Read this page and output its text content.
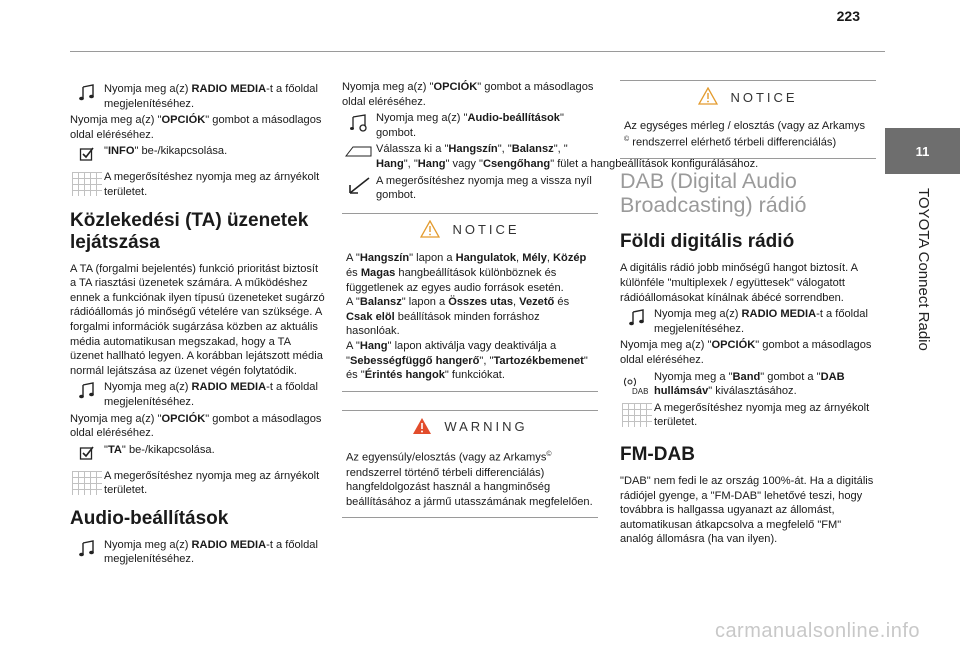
223
11
TOYOTA Connect Radio

Nyomja meg a(z) RADIO MEDIA-t a főoldal megjelenítéséhez.

Nyomja meg a(z) "OPCIÓK" gombot a másodlagos oldal eléréséhez.

"INFO" be-/kikapcsolása.

A megerősítéshez nyomja meg az árnyékolt területet.

Közlekedési (TA) üzenetek lejátszása

A TA (forgalmi bejelentés) funkció prioritást biztosít a TA riasztási üzenetek számára. A működéshez ennek a funkciónak ilyen típusú üzeneteket sugárzó rádióállomás jó minőségű vételére van szüksége. A forgalmi információk sugárzása közben az aktuális média automatikusan megszakad, hogy a TA üzenet hallható legyen. A korábban lejátszott média normál lejátszása az üzenet végén folytatódik.

Nyomja meg a(z) RADIO MEDIA-t a főoldal megjelenítéséhez.

Nyomja meg a(z) "OPCIÓK" gombot a másodlagos oldal eléréséhez.

"TA" be-/kikapcsolása.

A megerősítéshez nyomja meg az árnyékolt területet.

Audio-beállítások

Nyomja meg a(z) RADIO MEDIA-t a főoldal megjelenítéséhez.

Nyomja meg a(z) "OPCIÓK" gombot a másodlagos oldal eléréséhez.

Nyomja meg a(z) "Audio-beállítások" gombot.

Válassza ki a "Hangszín", "Balansz", "
Hang", "Hang" vagy "Csengőhang" fület a hangbeállítások konfigurálásához.

A megerősítéshez nyomja meg a vissza nyíl gombot.

NOTICE

A "Hangszín" lapon a Hangulatok, Mély, Közép és Magas hangbeállítások különböznek és függetlenek az egyes audio források esetén.

A "Balansz" lapon a Összes utas, Vezető és Csak elöl beállítások minden forráshoz hasonlóak.

A "Hang" lapon aktiválja vagy deaktiválja a "Sebességfüggő hangerő", "Tartozékbemenet" és "Érintés hangok" funkciókat.

WARNING

Az egyensúly/elosztás (vagy az Arkamys© rendszerrel történő térbeli differenciálás) hangfeldolgozást használ a hangminőség beállításához a jármű utasszámának megfelelően.

NOTICE

Az egységes mérleg / elosztás (vagy az Arkamys © rendszerrel elérhető térbeli differenciálás)

DAB (Digital Audio Broadcasting) rádió
Földi digitális rádió

A digitális rádió jobb minőségű hangot biztosít. A különféle "multiplexek / együttesek" válogatott rádióállomásokat kínálnak ábécé sorrendben.

Nyomja meg a(z) RADIO MEDIA-t a főoldal megjelenítéséhez.

Nyomja meg a(z) "OPCIÓK" gombot a másodlagos oldal eléréséhez.

DAB

Nyomja meg a "Band" gombot a "DAB hullámsáv" kiválasztásához.

A megerősítéshez nyomja meg az árnyékolt területet.

FM-DAB

"DAB" nem fedi le az ország 100%-át. Ha a digitális rádiójel gyenge, a "FM-DAB" lehetővé teszi, hogy továbbra is hallgassa ugyanazt az állomást, automatikusan átkapcsolva a megfelelő "FM" analóg állomásra (ha van ilyen).

carmanualsonline.info
